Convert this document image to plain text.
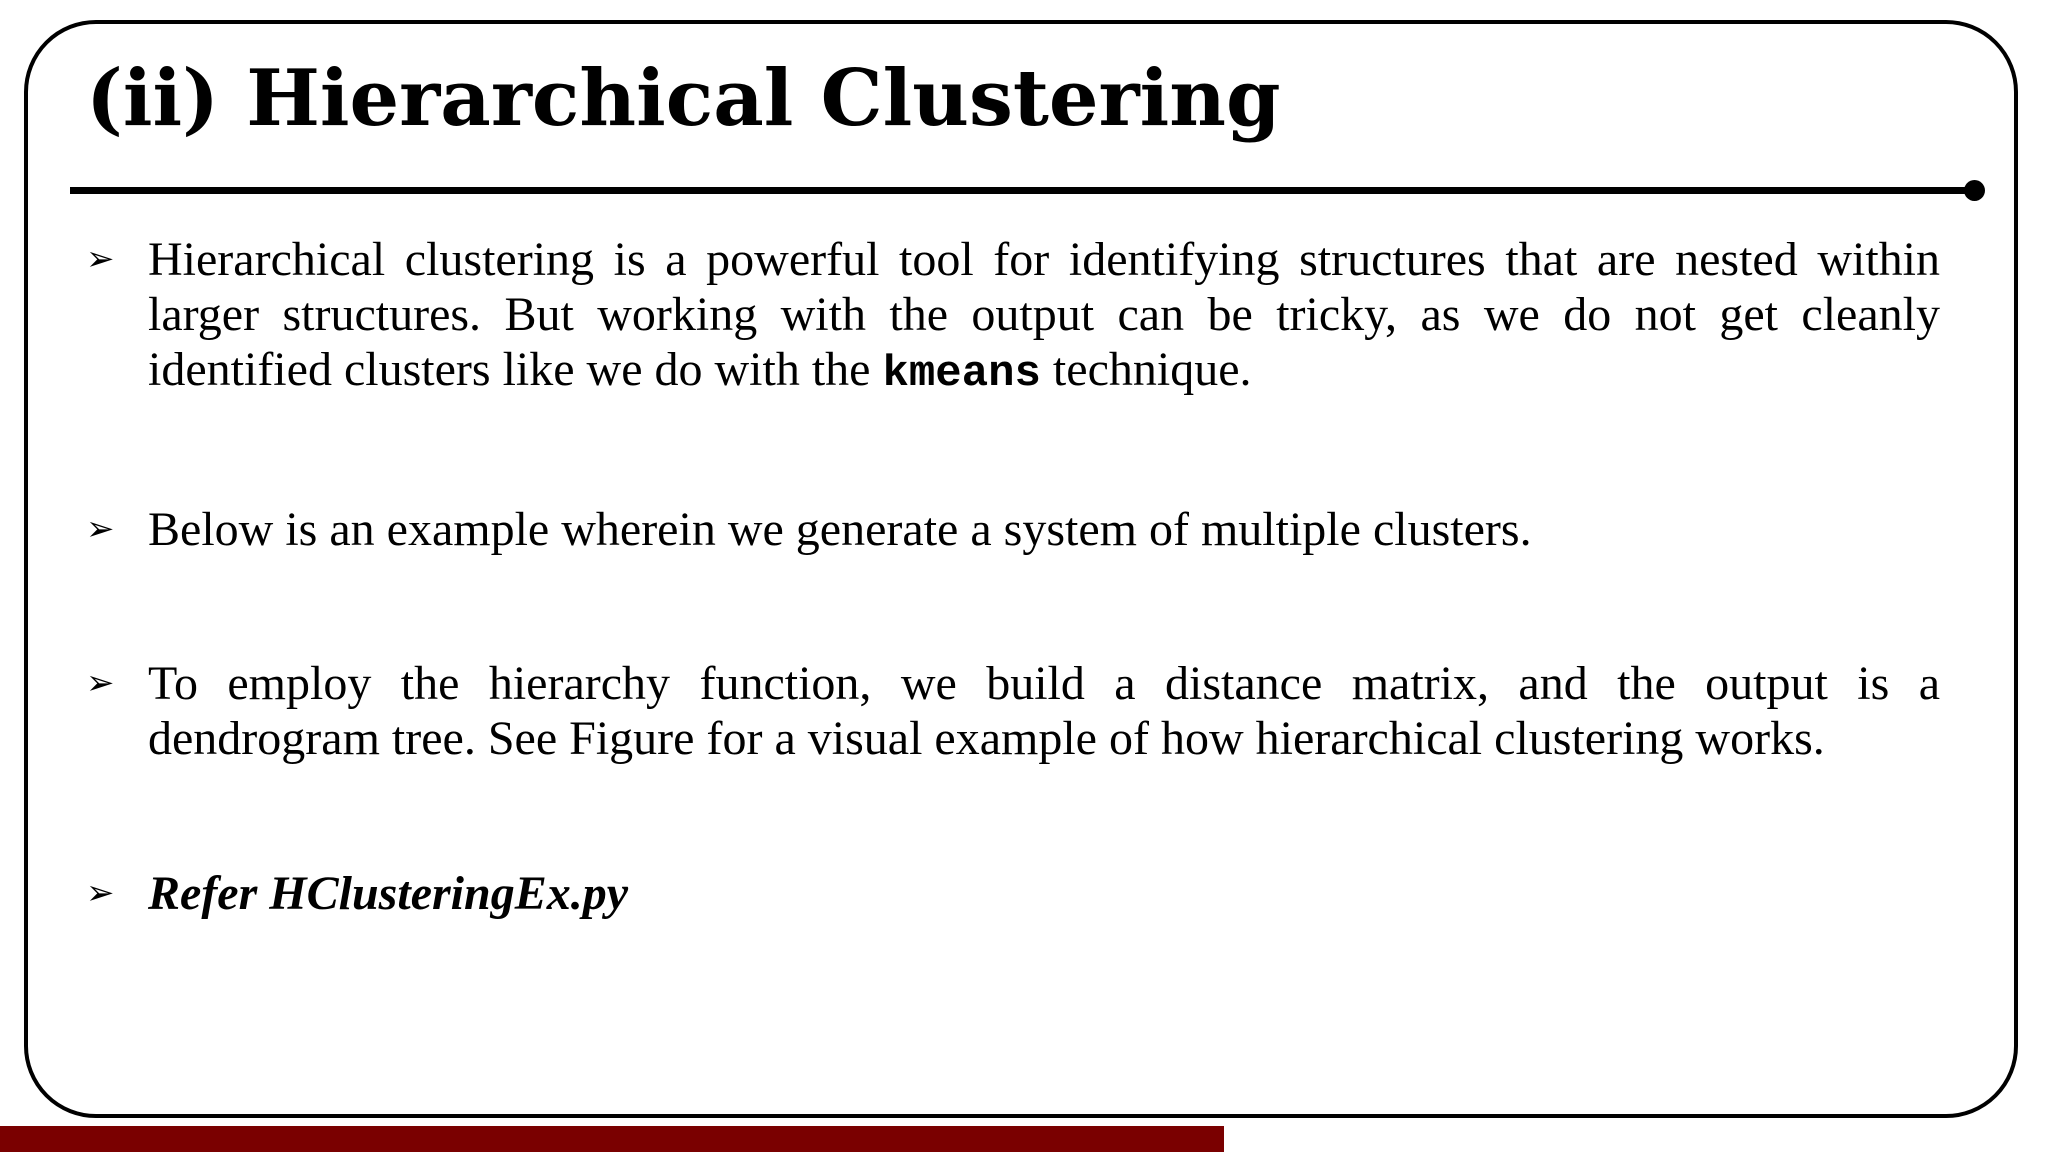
(ii) Hierarchical Clustering
➢ Hierarchical clustering is a powerful tool for identifying structures that are nested within larger structures. But working with the output can be tricky, as we do not get cleanly identified clusters like we do with the kmeans technique.
➢ Below is an example wherein we generate a system of multiple clusters.
➢ To employ the hierarchy function, we build a distance matrix, and the output is a dendrogram tree. See Figure for a visual example of how hierarchical clustering works.
➢ Refer HClusteringEx.py
